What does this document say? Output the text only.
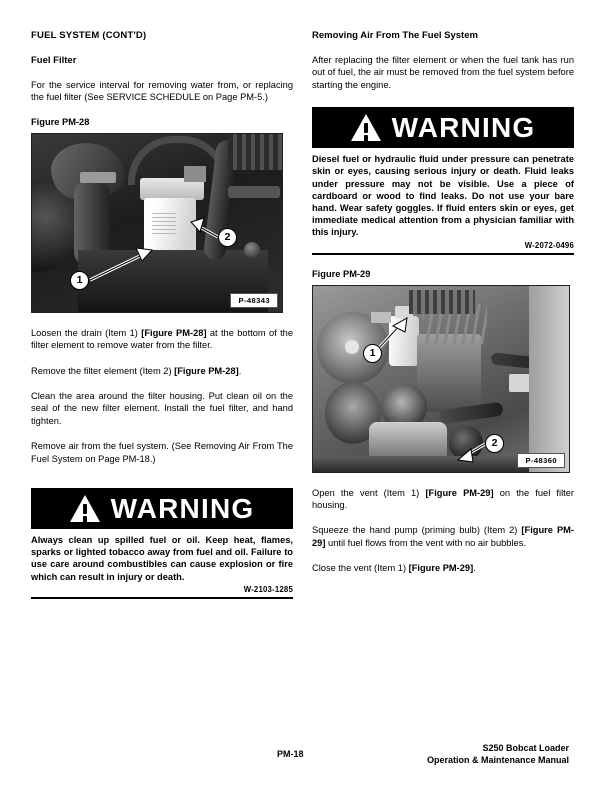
FUEL SYSTEM (CONT'D)
Fuel Filter
For the service interval for removing water from, or replacing the fuel filter (See SERVICE SCHEDULE on Page PM-5.)
Figure PM-28
1
2
P-48343
Loosen the drain (Item 1) [Figure PM-28] at the bottom of the filter element to remove water from the filter.
Remove the filter element (Item 2) [Figure PM-28].
Clean the area around the filter housing. Put clean oil on the seal of the new filter element. Install the fuel filter, and hand tighten.
Remove air from the fuel system. (See Removing Air From The Fuel System on Page PM-18.)
WARNING
Always clean up spilled fuel or oil. Keep heat, flames, sparks or lighted tobacco away from fuel and oil. Failure to use care around combustibles can cause explosion or fire which can result in injury or death.
W-2103-1285
Removing Air From The Fuel System
After replacing the filter element or when the fuel tank has run out of fuel, the air must be removed from the fuel system before starting the engine.
WARNING
Diesel fuel or hydraulic fluid under pressure can penetrate skin or eyes, causing serious injury or death. Fluid leaks under pressure may not be visible. Use a piece of cardboard or wood to find leaks. Do not use your bare hand. Wear safety goggles. If fluid enters skin or eyes, get immediate medical attention from a physician familiar with this injury.
W-2072-0496
Figure PM-29
1
2
P-48360
Open the vent (Item 1) [Figure PM-29] on the fuel filter housing.
Squeeze the hand pump (priming bulb) (Item 2) [Figure PM-29] until fuel flows from the vent with no air bubbles.
Close the vent (Item 1) [Figure PM-29].
PM-18
S250 Bobcat Loader
Operation & Maintenance Manual
